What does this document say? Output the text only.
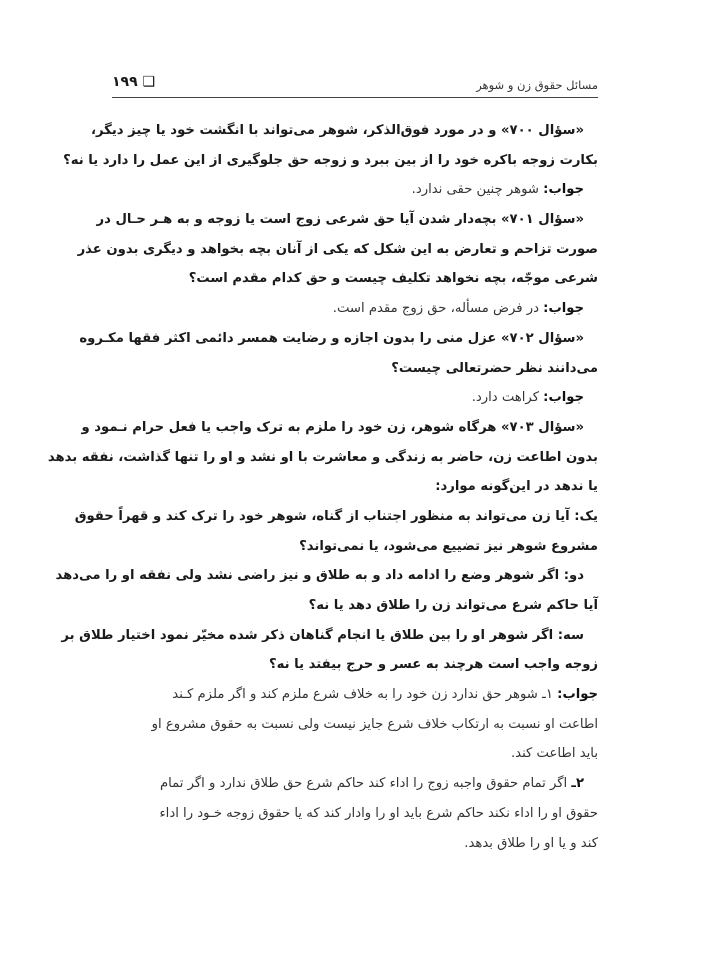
مسائل حقوق زن و شوهر
١٩٩ ❑
«سؤال ٧٠٠» و در مورد فوق‌الذکر، شوهر می‌تواند با انگشت خود یا چیز دیگر،
بکارت زوجه باکره خود را از بین ببرد و زوجه حق جلوگیری از این عمل را دارد یا نه؟
جواب: شوهر چنین حقی ندارد.
«سؤال ٧٠١» بچه‌دار شدن آیا حق شرعی زوج است یا زوجه و به هـر حـال در
صورت تزاحم و تعارض به این شکل که یکی از آنان بچه بخواهد و دیگری بدون عذر
شرعی موجّه، بچه نخواهد تکلیف چیست و حق کدام مقدم است؟
جواب: در فرض مسأله، حق زوج مقدم است.
«سؤال ٧٠٢» عزل منی را بدون اجازه و رضایت همسر دائمی اکثر فقها مکـروه
می‌دانند نظر حضرتعالی چیست؟
جواب: کراهت دارد.
«سؤال ٧٠٣» هرگاه شوهر، زن خود را ملزم به ترک واجب یا فعل حرام نـمود و
بدون اطاعت زن، حاضر به زندگی و معاشرت با او نشد و او را تنها گذاشت، نفقه بدهد
یا ندهد در این‌گونه موارد:
یک: آیا زن می‌تواند به منظور اجتناب از گناه، شوهر خود را ترک کند و قهراً حقوق
مشروع شوهر نیز تضییع می‌شود، یا نمی‌تواند؟
دو: اگر شوهر وضع را ادامه داد و به طلاق و نیز راضی نشد ولی نفقه او را می‌دهد
آیا حاکم شرع می‌تواند زن را طلاق دهد یا نه؟
سه: اگر شوهر او را بین طلاق یا انجام گناهان ذکر شده مخیّر نمود اختیار طلاق بر
زوجه واجب است هرچند به عسر و حرج بیفتد یا نه؟
جواب: ١ـ شوهر حق ندارد زن خود را به خلاف شرع ملزم کند و اگر ملزم کـند
اطاعت او نسبت به ارتکاب خلاف شرع جایز نیست ولی نسبت به حقوق مشروع او
باید اطاعت کند.
٢ـ اگر تمام حقوق واجبه زوج را اداء کند حاکم شرع حق طلاق ندارد و اگر تمام
حقوق او را اداء نکند حاکم شرع باید او را وادار کند که یا حقوق زوجه خـود را اداء
کند و یا او را طلاق بدهد.
